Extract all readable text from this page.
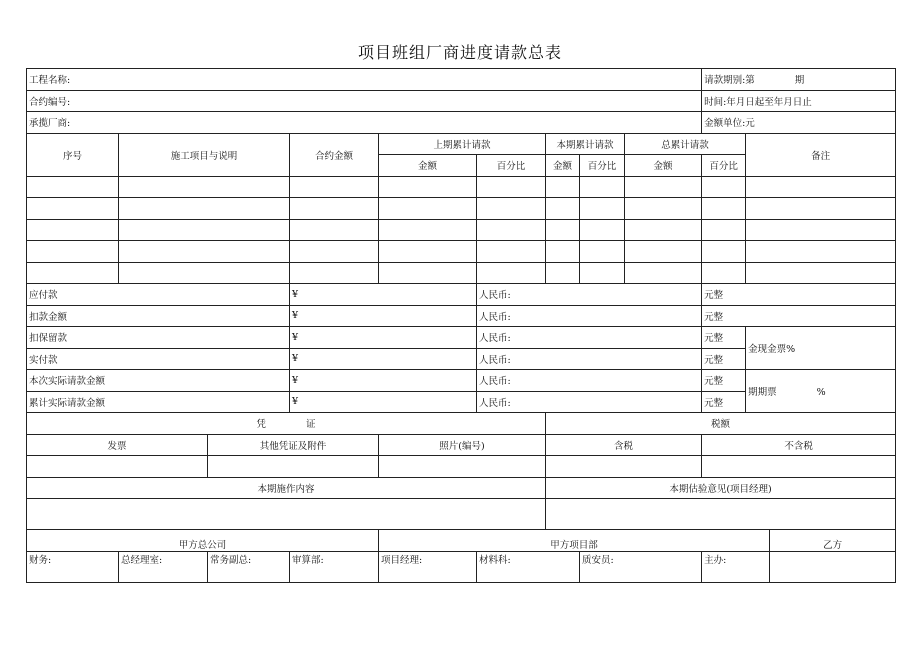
项目班组厂商进度请款总表
工程名称:									请款期别:第 期		
合约编号:									时间:年月日起至年月日止		
承揽厂商:									金额单位:元		
序号	施工项目与说明		合约金额	上期累计请款		本期累计请款		总累计请款		备注	
				金额	百分比	金额	百分比	金额	百分比		

应付款			¥		人民币:				元整		
扣款金额			¥		人民币:				元整		
扣保留款			¥		人民币:				元整	金现金票%	
实付款			¥		人民币:				元整		
本次实际请款金额			¥		人民币:				元整	期期票 %	
累计实际请款金额			¥		人民币:				元整		
凭 证						税额					
发票		其他凭证及附件		照片(编号)		含税			不含税		

本期施作内容						本期估验意见(项目经理)					

甲方总公司				甲方项目部							乙方
财务:	总经理室:	常务副总:	审算部:	项目经理:	材料科:		质安员:		主办:		
